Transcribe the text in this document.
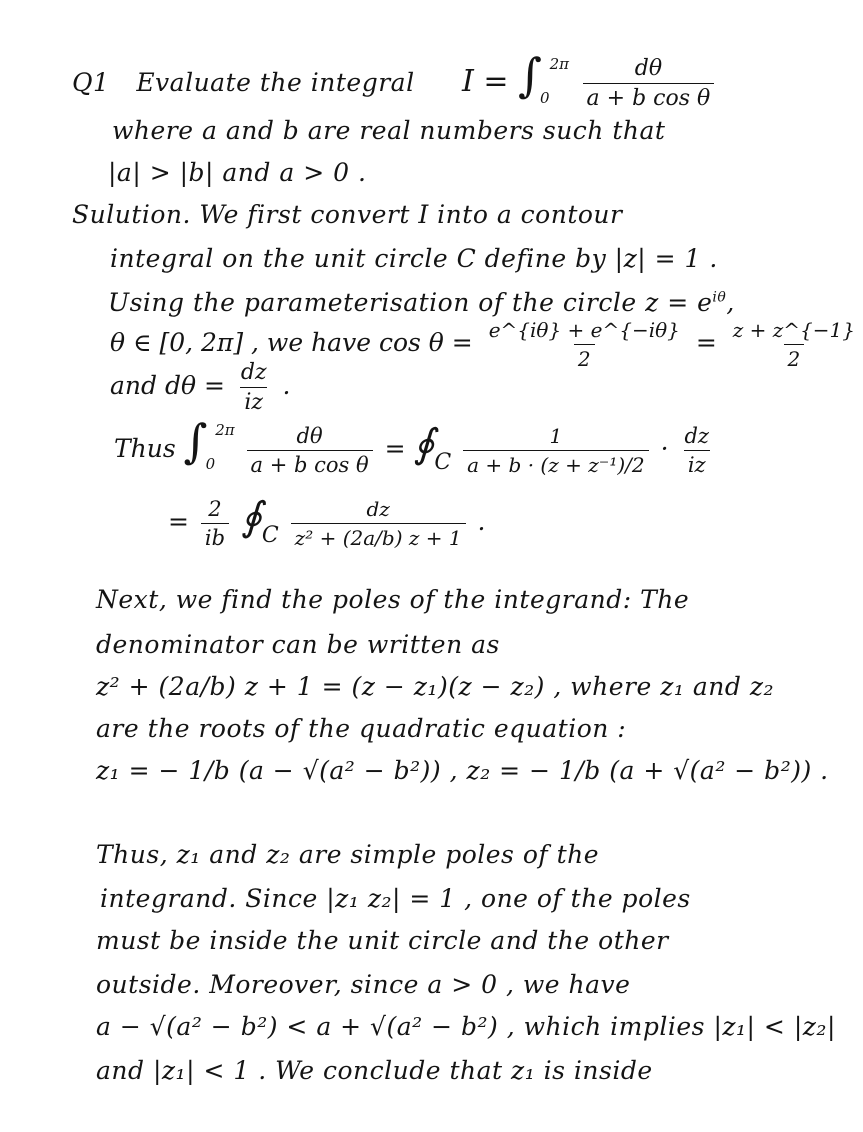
Q1 Evaluate the integral $I = \int_0^{2\pi} \frac{d\theta}{\text{a + b cos θ}}$
where a and b are real numbers such that
|a| > |b| and a > 0 .
Sulution. We first convert I into a contour
integral on the unit circle C define by |z| = 1 .
Using the parameterisation of the circle $z = e^{i\theta}$,
θ ∈ [0, 2π] , we have $\cos \theta = \frac{e\^{}\{i\theta\} + e\^{}\{-i\theta\}}{2} = \frac{z + z\^{}\{-1\}}{2}$
and $d\theta = \frac{dz}{iz}$ .
Thus $\int_0^{2\pi} \frac{d\theta}{\text{a + b cos θ}}$ = ∮C $\frac{1}{\text{a + b · (z + z⁻¹)/2}} \cdot \frac{dz}{iz}$
= $\frac{2}{ib}$ ∮C $\frac{dz}{\text{z² + (2a/b) z + 1}}$ .
Next, we find the poles of the integrand: The
denominator can be written as
z² + (2a/b) z + 1 = (z − z₁)(z − z₂) , where z₁ and z₂
are the roots of the quadratic equation :
z₁ = − 1/b (a − √(a² − b²)) , z₂ = − 1/b (a + √(a² − b²)) .
Thus, z₁ and z₂ are simple poles of the
integrand. Since |z₁ z₂| = 1 , one of the poles
must be inside the unit circle and the other
outside. Moreover, since a > 0 , we have
a − √(a² − b²) < a + √(a² − b²) , which implies |z₁| < |z₂|
and |z₁| < 1 . We conclude that z₁ is inside
